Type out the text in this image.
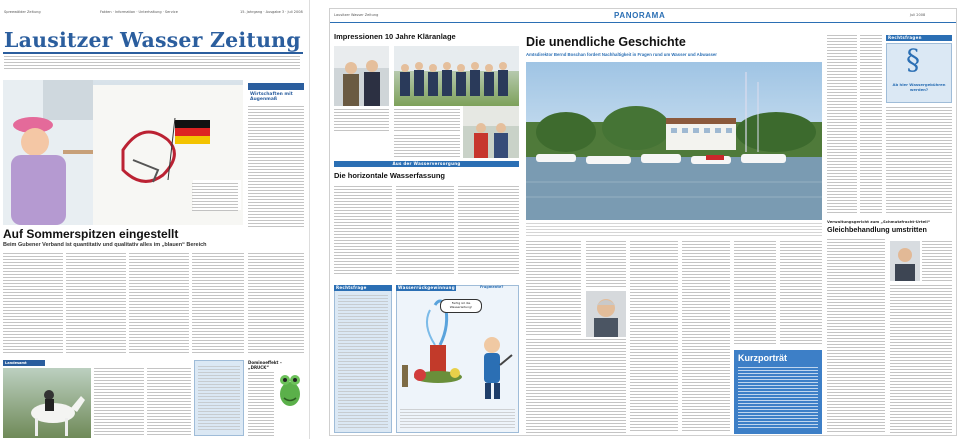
Spreewälder Zeitung	Fakten · Information · Unterhaltung · Service	15. Jahrgang · Ausgabe 3 · Juli 2008
Lausitzer Wasser Zeitung
Wirtschaften mit Augenmaß
Auf Sommerspitzen eingestellt
Beim Gubener Verband ist quantitativ und qualitativ alles im „blauen“ Bereich
Landesamt	Dominoeffekt – „DRUCK“
Lausitzer Wasser Zeitung	PANORAMA	Juli 2008
Impressionen 10 Jahre Kläranlage
Aus der Wasserversorgung
Die horizontale Wasserfassung
Rechtsfrage	Wasserrückgewinnung	Fragmente?
Fertig ist die Wasserleitung!
Die unendliche Geschichte
Amtsdirektor Bernd Boschan fordert Nachhaltigkeit in Fragen rund um Wasser und Abwasser
Kurzporträt
Rechtsfragen
§
Ab hier Wassergebühren werden?
Verwaltungsgericht zum „Schmutzfracht-Urteil“
Gleichbehandlung umstritten
